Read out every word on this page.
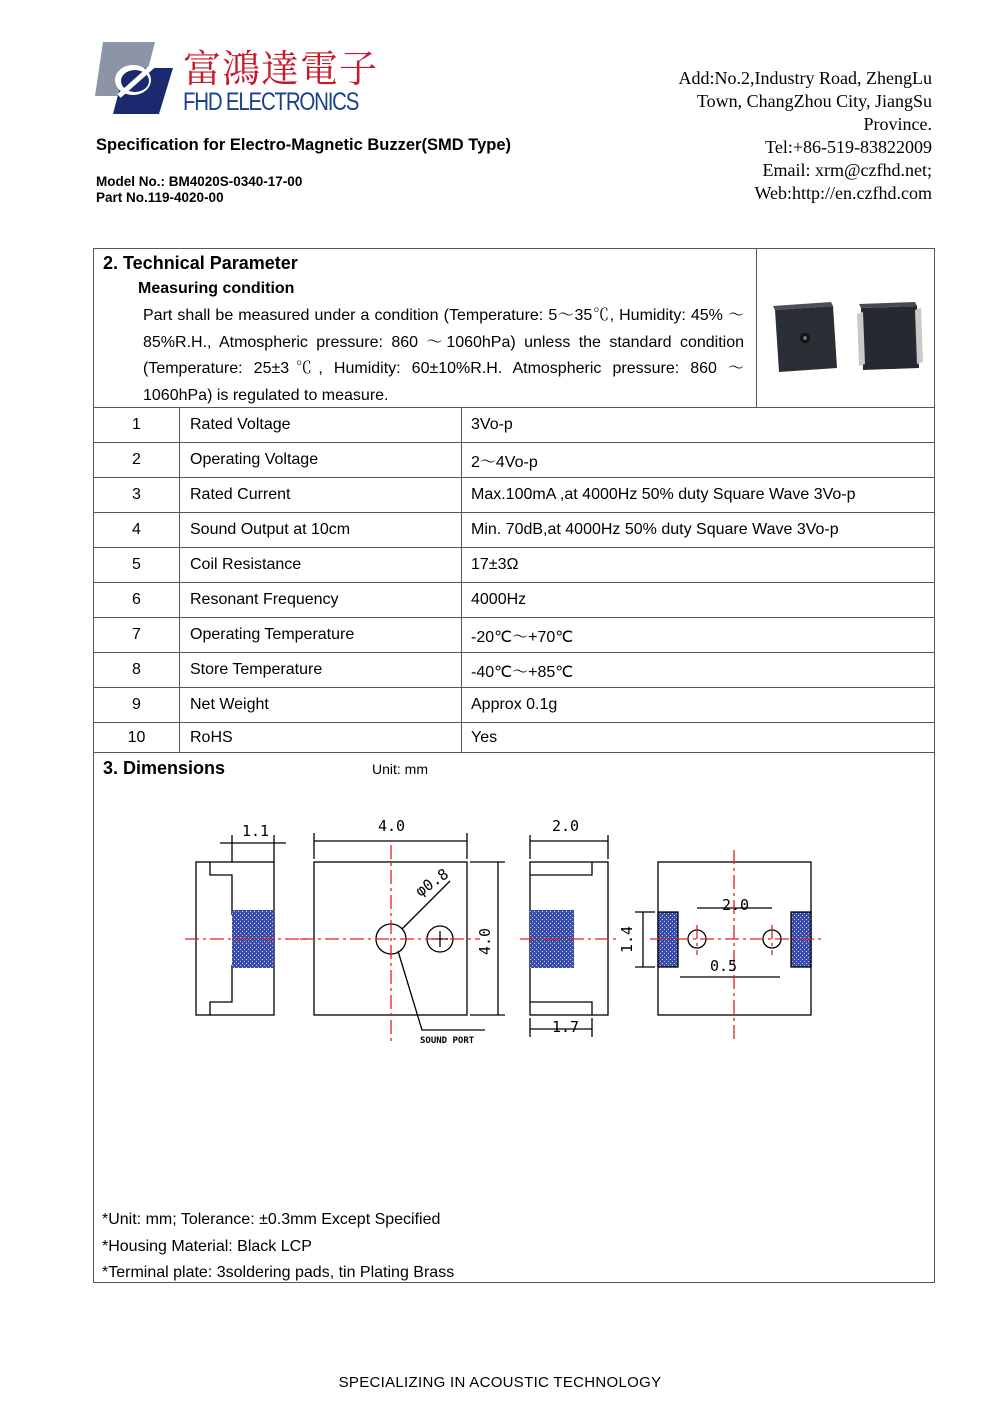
富鴻達電子
FHD ELECTRONICS
Specification for Electro-Magnetic Buzzer(SMD Type)
Model No.: BM4020S-0340-17-00
Part No.119-4020-00
Add:No.2,Industry Road, ZhengLu
Town, ChangZhou City, JiangSu
Province.
Tel:+86-519-83822009
Email: xrm@czfhd.net;
Web:http://en.czfhd.com
2. Technical Parameter
Measuring condition
Part shall be measured under a condition (Temperature: 5～35℃, Humidity: 45% ～ 85%R.H., Atmospheric pressure: 860 ～1060hPa) unless the standard condition (Temperature: 25±3℃, Humidity: 60±10%R.H. Atmospheric pressure: 860 ～1060hPa) is regulated to measure.
1	Rated Voltage	3Vo-p
2	Operating Voltage	2～4Vo-p
3	Rated Current	Max.100mA ,at 4000Hz 50% duty Square Wave 3Vo-p
4	Sound Output at 10cm	Min. 70dB,at 4000Hz 50% duty Square Wave 3Vo-p
5	Coil Resistance	17±3Ω
6	Resonant Frequency	4000Hz
7	Operating Temperature	-20℃～+70℃
8	Store Temperature	-40℃～+85℃
9	Net Weight	Approx 0.1g
10	RoHS	Yes
3. Dimensions	Unit: mm
1.1	4.0	2.0
1.7
2.0
0.5
4.0	1.4
φ0.8
SOUND PORT
*Unit: mm; Tolerance: ±0.3mm Except Specified
*Housing Material: Black LCP
*Terminal plate: 3soldering pads, tin Plating Brass
SPECIALIZING IN ACOUSTIC TECHNOLOGY
